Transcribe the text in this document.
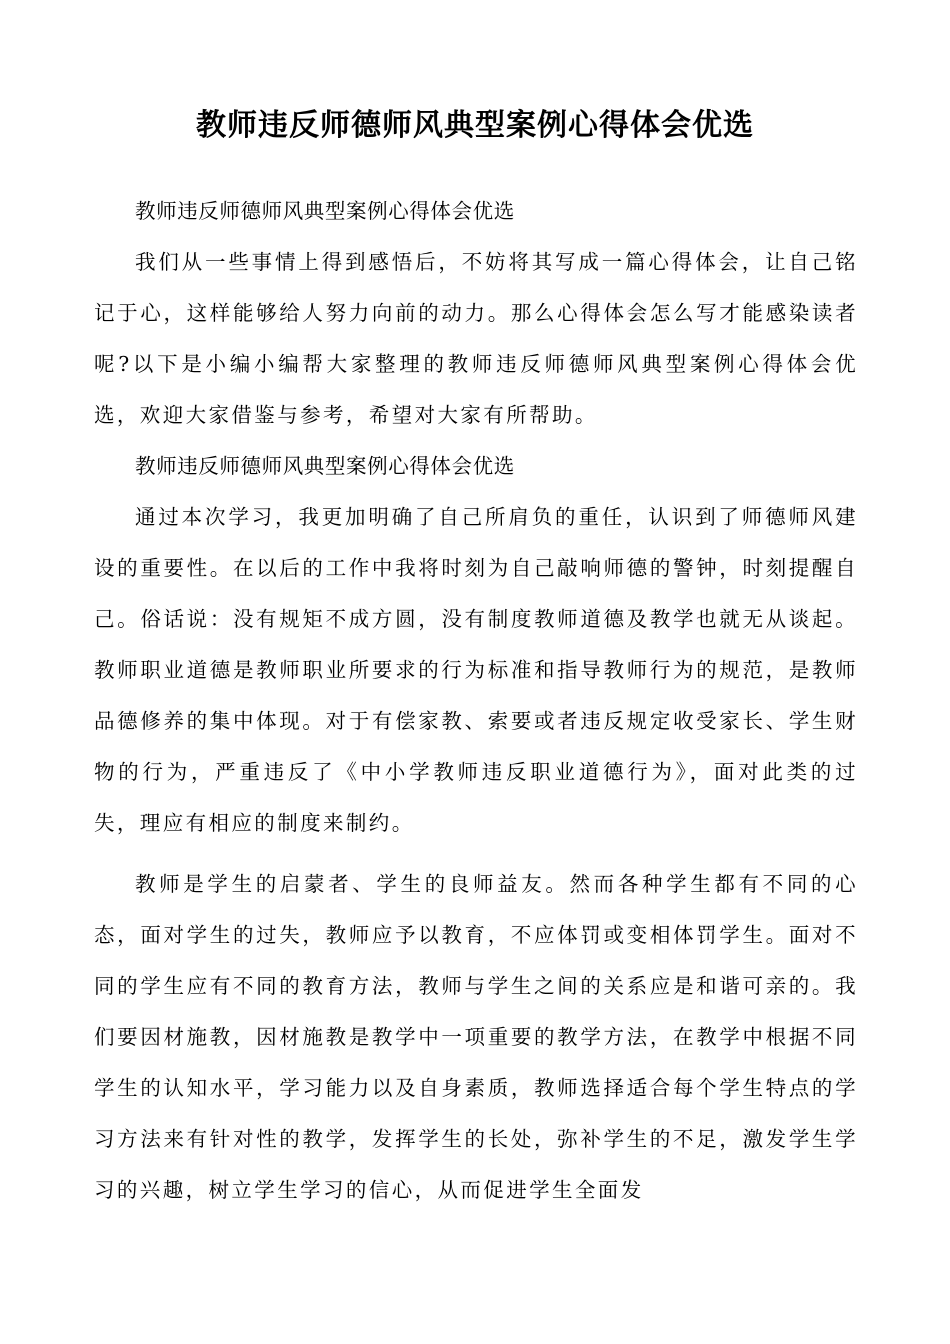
教师违反师德师风典型案例心得体会优选

教师违反师德师风典型案例心得体会优选

我们从一些事情上得到感悟后，不妨将其写成一篇心得体会，让自己铭记于心，这样能够给人努力向前的动力。那么心得体会怎么写才能感染读者呢?以下是小编小编帮大家整理的教师违反师德师风典型案例心得体会优选，欢迎大家借鉴与参考，希望对大家有所帮助。

教师违反师德师风典型案例心得体会优选

通过本次学习，我更加明确了自己所肩负的重任，认识到了师德师风建设的重要性。在以后的工作中我将时刻为自己敲响师德的警钟，时刻提醒自己。俗话说：没有规矩不成方圆，没有制度教师道德及教学也就无从谈起。教师职业道德是教师职业所要求的行为标准和指导教师行为的规范，是教师品德修养的集中体现。对于有偿家教、索要或者违反规定收受家长、学生财物的行为，严重违反了《中小学教师违反职业道德行为》，面对此类的过失，理应有相应的制度来制约。

教师是学生的启蒙者、学生的良师益友。然而各种学生都有不同的心态，面对学生的过失，教师应予以教育，不应体罚或变相体罚学生。面对不同的学生应有不同的教育方法，教师与学生之间的关系应是和谐可亲的。我们要因材施教，因材施教是教学中一项重要的教学方法，在教学中根据不同学生的认知水平，学习能力以及自身素质，教师选择适合每个学生特点的学习方法来有针对性的教学，发挥学生的长处，弥补学生的不足，激发学生学习的兴趣，树立学生学习的信心，从而促进学生全面发
